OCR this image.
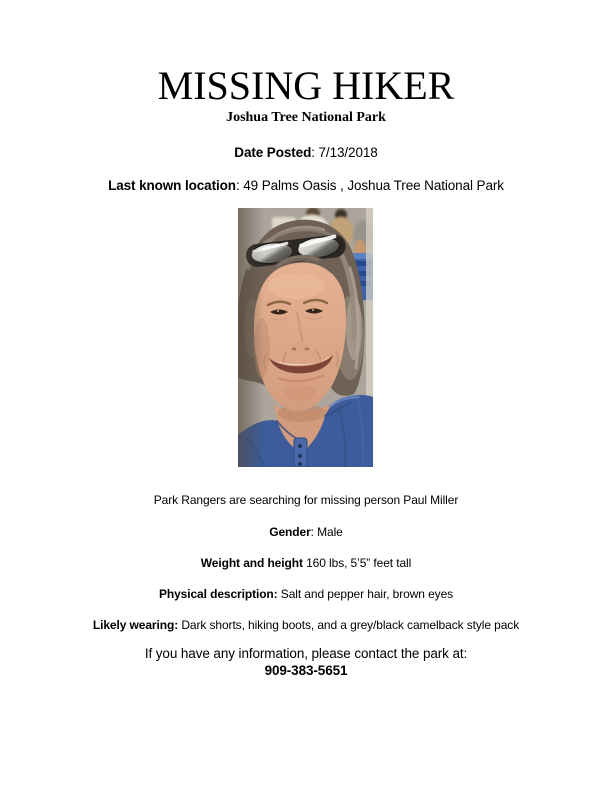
MISSING HIKER
Joshua Tree National Park
Date Posted: 7/13/2018
Last known location: 49 Palms Oasis , Joshua Tree National Park
Park Rangers are searching for missing person Paul Miller
Gender: Male
Weight and height 160 lbs, 5’5” feet tall
Physical description: Salt and pepper hair, brown eyes
Likely wearing: Dark shorts, hiking boots, and a grey/black camelback style pack
If you have any information, please contact the park at:
909-383-5651
